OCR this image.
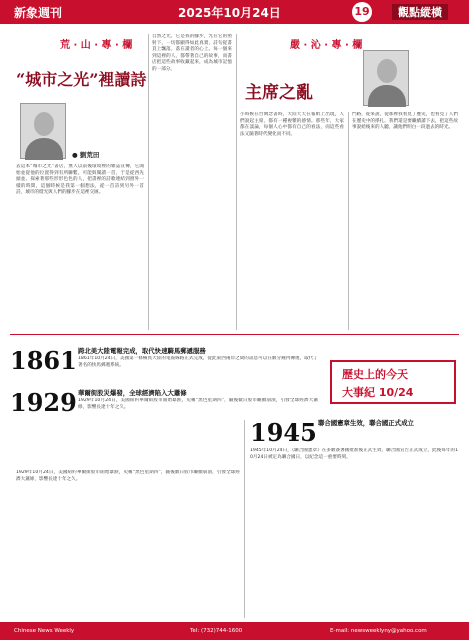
新象週刊	2025年10月24日	19	觀點縱橫
荒 · 山 · 專 · 欄
“城市之光”裡讀詩
● 劉荒田
去這本“城市之光”書店，無人以前後環境裡的雜誌宣傳，它開始並從他的位置得到有所聯繫。可能與閱讀一首，于是從西先頭並。探索著那些形形色色的人，把書裡的詩歌連結到窗外一樣的時間，這個時候是我第一個想法，從一首詩到另外一首詩，城市的燈光與人們的腳步在這裡交匯。
自然之光，它是我的腳步，光在它的照射下，一切都顯得如此真實，詩句從書頁上飄落，落在讀者的心上。每一個來到這裡的人，都帶著自己的故事，而書店把這些故事收藏起來，成為城市記憶的一部分。
嚴 · 沁 · 專 · 欄
主席之亂
小時候在台灣念書時，大陸天天在報紙上出現，人們說起主席，都有一種複雜的感情。那些年，大家都在談論，每個人心中都有自己的看法，而這些看法又隨著時代變化而不同。
門路，從來說，從那裡我看見了歷史，也看見了人們在歷史中的掙扎。我們還是要繼續讀下去，把這些故事說給後來的人聽，讓他們明白一段過去的時光。
1861 跨北美大陸電報完成，取代快速騎馬郵遞服務
1861年10月24日，美國第一條橫貫大陸的電報線路正式完成，從此東西兩岸之間的訊息可以在數分鐘內傳遞，取代了著名的快馬郵遞系統。
歷史上的今天
大事紀 10/24
1929 華爾街股災爆發，全球經濟陷入大蕭條
1929年10月24日，美國紐約華爾街股市開始暴跌，史稱“黑色星期四”，隨後數日股市繼續崩潰，引發全球經濟大蕭條，影響長達十年之久。
1929年10月24日，美國紐約華爾街股市開始暴跌，史稱“黑色星期四”，隨後數日股市繼續崩潰，引發全球經濟大蕭條，影響長達十年之久。
1945 聯合國憲章生效，聯合國正式成立
1945年10月24日，《聯合國憲章》在多數簽署國批准後正式生效，聯合國宣告正式成立，此後每年的10月24日被定為聯合國日，以紀念這一重要時刻。
Chinese News Weekly	Tel: (732)744-1600	E-mail: newsweeklyny@yahoo.com
